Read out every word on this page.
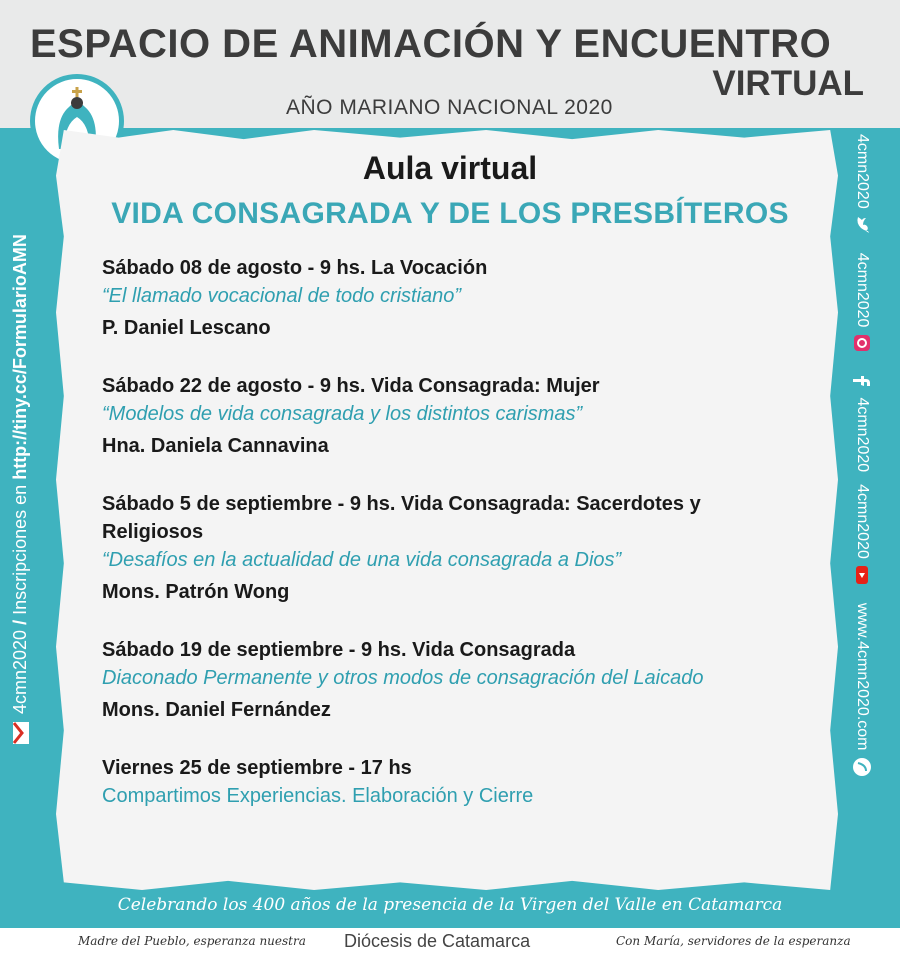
ESPACIO DE ANIMACIÓN Y ENCUENTRO
VIRTUAL
AÑO MARIANO NACIONAL 2020
Aula virtual
VIDA CONSAGRADA Y DE LOS PRESBÍTEROS
Sábado 08 de agosto - 9 hs. La Vocación
“El llamado vocacional de todo cristiano”
P. Daniel Lescano
Sábado 22 de agosto - 9 hs. Vida Consagrada: Mujer
“Modelos de vida consagrada y los distintos carismas”
Hna. Daniela Cannavina
Sábado 5 de septiembre - 9 hs. Vida Consagrada: Sacerdotes y Religiosos
“Desafíos en la actualidad de una vida consagrada a Dios”
Mons. Patrón Wong
Sábado 19 de septiembre - 9 hs. Vida Consagrada
Diaconado Permanente y otros modos de consagración del Laicado
Mons. Daniel Fernández
Viernes 25 de septiembre - 17 hs
Compartimos Experiencias. Elaboración y Cierre
Celebrando los 400 años de la presencia de la Virgen del Valle en Catamarca
Madre del Pueblo, esperanza nuestra Diócesis de Catamarca	Con María, servidores de la esperanza
4cmn2020

/

Inscripciones en

http://tiny.cc/FormularioAMN
4cmn2020
4cmn2020
4cmn2020
4cmn2020
www.4cmn2020.com
